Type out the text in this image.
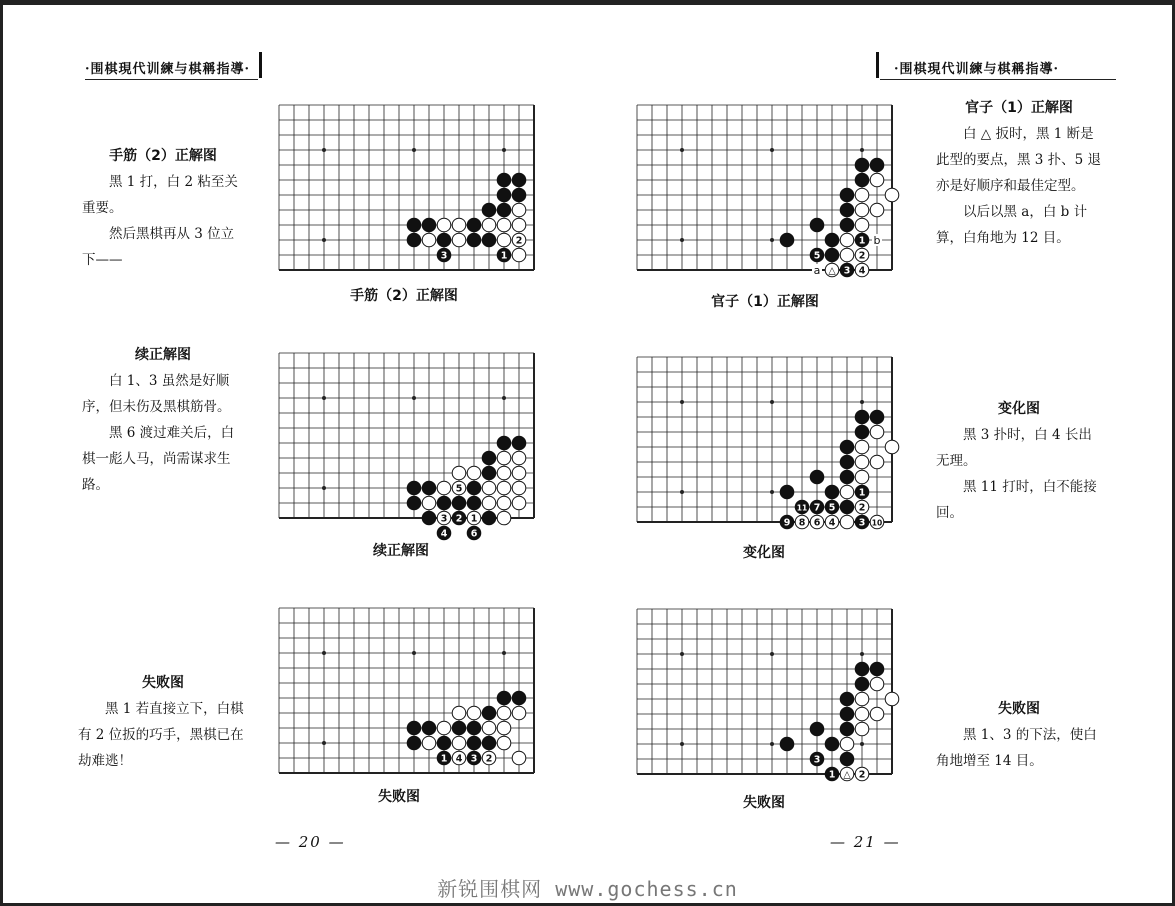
·围棋現代训練与棋稱指導·	·围棋現代训練与棋稱指導·
2
3	1
手筋（2）正解图
1
5	2
△ 3 4
b
a
官子（1）正解图
5
3 2 1
4 6
续正解图
1
11 7 5 2
9 8 6 4 3 10
变化图
1 4 3 2
失败图
3
1 △ 2
失败图
手筋（2）正解图

黑 1 打，白 2 粘至关重要。

然后黑棋再从 3 位立下——

续正解图

白 1、3 虽然是好顺序，但未伤及黑棋筋骨。

黑 6 渡过难关后，白棋一彪人马，尚需谋求生路。

失败图

黑 1 若直接立下，白棋有 2 位扳的巧手，黑棋已在劫难逃！

官子（1）正解图

白 △ 扳时，黑 1 断是此型的要点，黑 3 扑、5 退亦是好顺序和最佳定型。

以后以黑 a，白 b 计算，白角地为 12 目。

变化图

黑 3 扑时，白 4 长出无理。

黑 11 打时，白不能接回。

失败图

黑 1、3 的下法，使白角地增至 14 目。

— 20 —	— 21 —
新锐围棋网 www.gochess.cn
